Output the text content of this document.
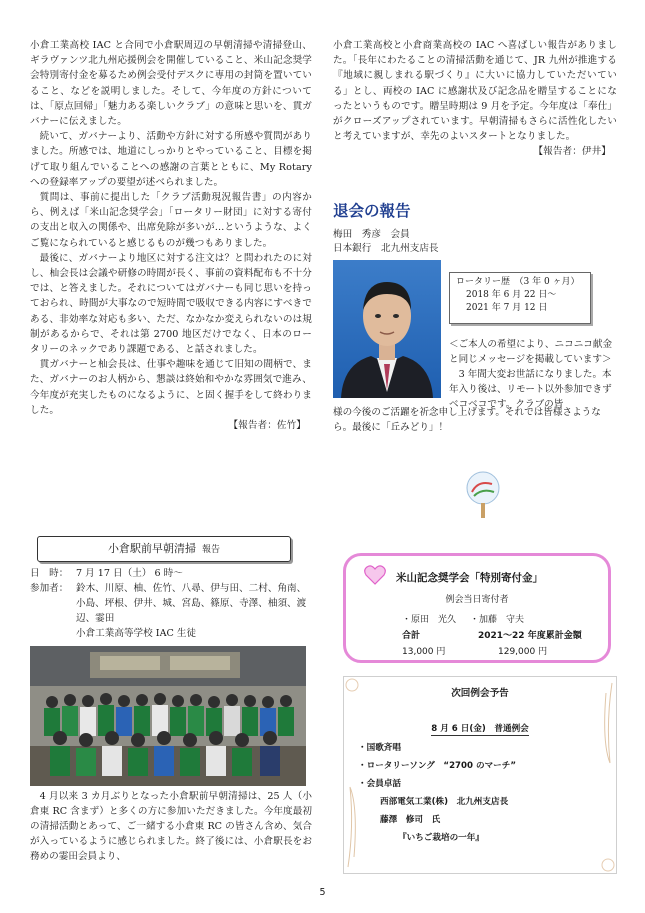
小倉工業高校 IAC と合同で小倉駅周辺の早朝清掃や清掃登山、ギラヴァンツ北九州応援例会を開催していること、米山記念奨学会特別寄付金を募るため例会受付デスクに専用の封筒を置いていること、などを説明しました。そして、今年度の方針については、「原点回帰」「魅力ある楽しいクラブ」の意味と思いを、貫ガバナーに伝えました。

続いて、ガバナーより、活動や方針に対する所感や質問がありました。所感では、地道にしっかりとやっていること、目標を掲げて取り組んでいることへの感謝の言葉とともに、My Rotary への登録率アップの要望が述べられました。

質問は、事前に提出した「クラブ活動現況報告書」の内容から、例えば「米山記念奨学会」「ロータリー財団」に対する寄付の支出と収入の関係や、出席免除が多いが…というような、よくご覧になられていると感じるものが幾つもありました。

最後に、ガバナーより地区に対する注文は？と問われたのに対し、杣会長は会議や研修の時間が長く、事前の資料配布も不十分では、と答えました。それについてはガバナーも同じ思いを持っておられ、時間が大事なので短時間で吸収できる内容にすべきである、非効率な対応も多い、ただ、なかなか変えられないのは規制があるからで、それは第 2700 地区だけでなく、日本のロータリーのネックであり課題である、と話されました。

貫ガバナーと杣会長は、仕事や趣味を通じて旧知の間柄で、また、ガバナーのお人柄から、懇談は終始和やかな雰囲気で進み、今年度が充実したものになるように、と固く握手をして終わりました。

【報告者：佐竹】

小倉駅前早朝清掃 報告
日　時： 7 月 17 日（土） 6 時～
参加者： 鈴木、川原、柚、佐竹、八尋、伊与田、二村、角南、小島、坪根、伊井、城、宮島、篠原、寺澤、柚須、渡辺、霎田
小倉工業高等学校 IAC 生徒

4 月以来 3 カ月ぶりとなった小倉駅前早朝清掃は、25 人（小倉東 RC 含まず）と多くの方に参加いただきました。今年度最初の清掃活動とあって、ご一緒する小倉東 RC の皆さん含め、気合が入っているように感じられました。終了後には、小倉駅長をお務めの霎田会員より、

小倉工業高校と小倉商業高校の IAC へ喜ばしい報告がありました。「長年にわたることの清掃活動を通じて、JR 九州が推進する『地域に親しまれる駅づくり』に大いに協力していただいている」とし、両校の IAC に感謝状及び記念品を贈呈することになったというものです。贈呈時期は 9 月を予定。今年度は「奉仕」がクローズアップされています。早朝清掃もさらに活性化したいと考えていますが、幸先のよいスタートとなりました。

【報告者：伊井】

退会の報告
梅田　秀彦　会員
日本銀行　北九州支店長
ロータリー歴　（3 年 0 ヶ月）
2018 年 6 月 22 日～
2021 年 7 月 12 日
＜ご本人の希望により、ニコニコ献金と同じメッセージを掲載しています＞
3 年間大変お世話になりました。本年入り後は、リモート以外参加できずベコベコです。クラブの皆
様の今後のご活躍を祈念申し上げます。それでは皆様さようなら。最後に「丘みどり」！
米山記念奨学会「特別寄付金」
例会当日寄付者
・原田　光久 ・加藤　守夫
合計	2021～22 年度累計金額
13,000 円	129,000 円
次回例会予告
8 月 6 日(金)　普通例会
・国歌斉唱
・ロータリーソング　“2700 のマーチ”
・会員卓話
西部電気工業(株)　北九州支店長
藤澤　修司　氏
『いちご栽培の一年』
5
